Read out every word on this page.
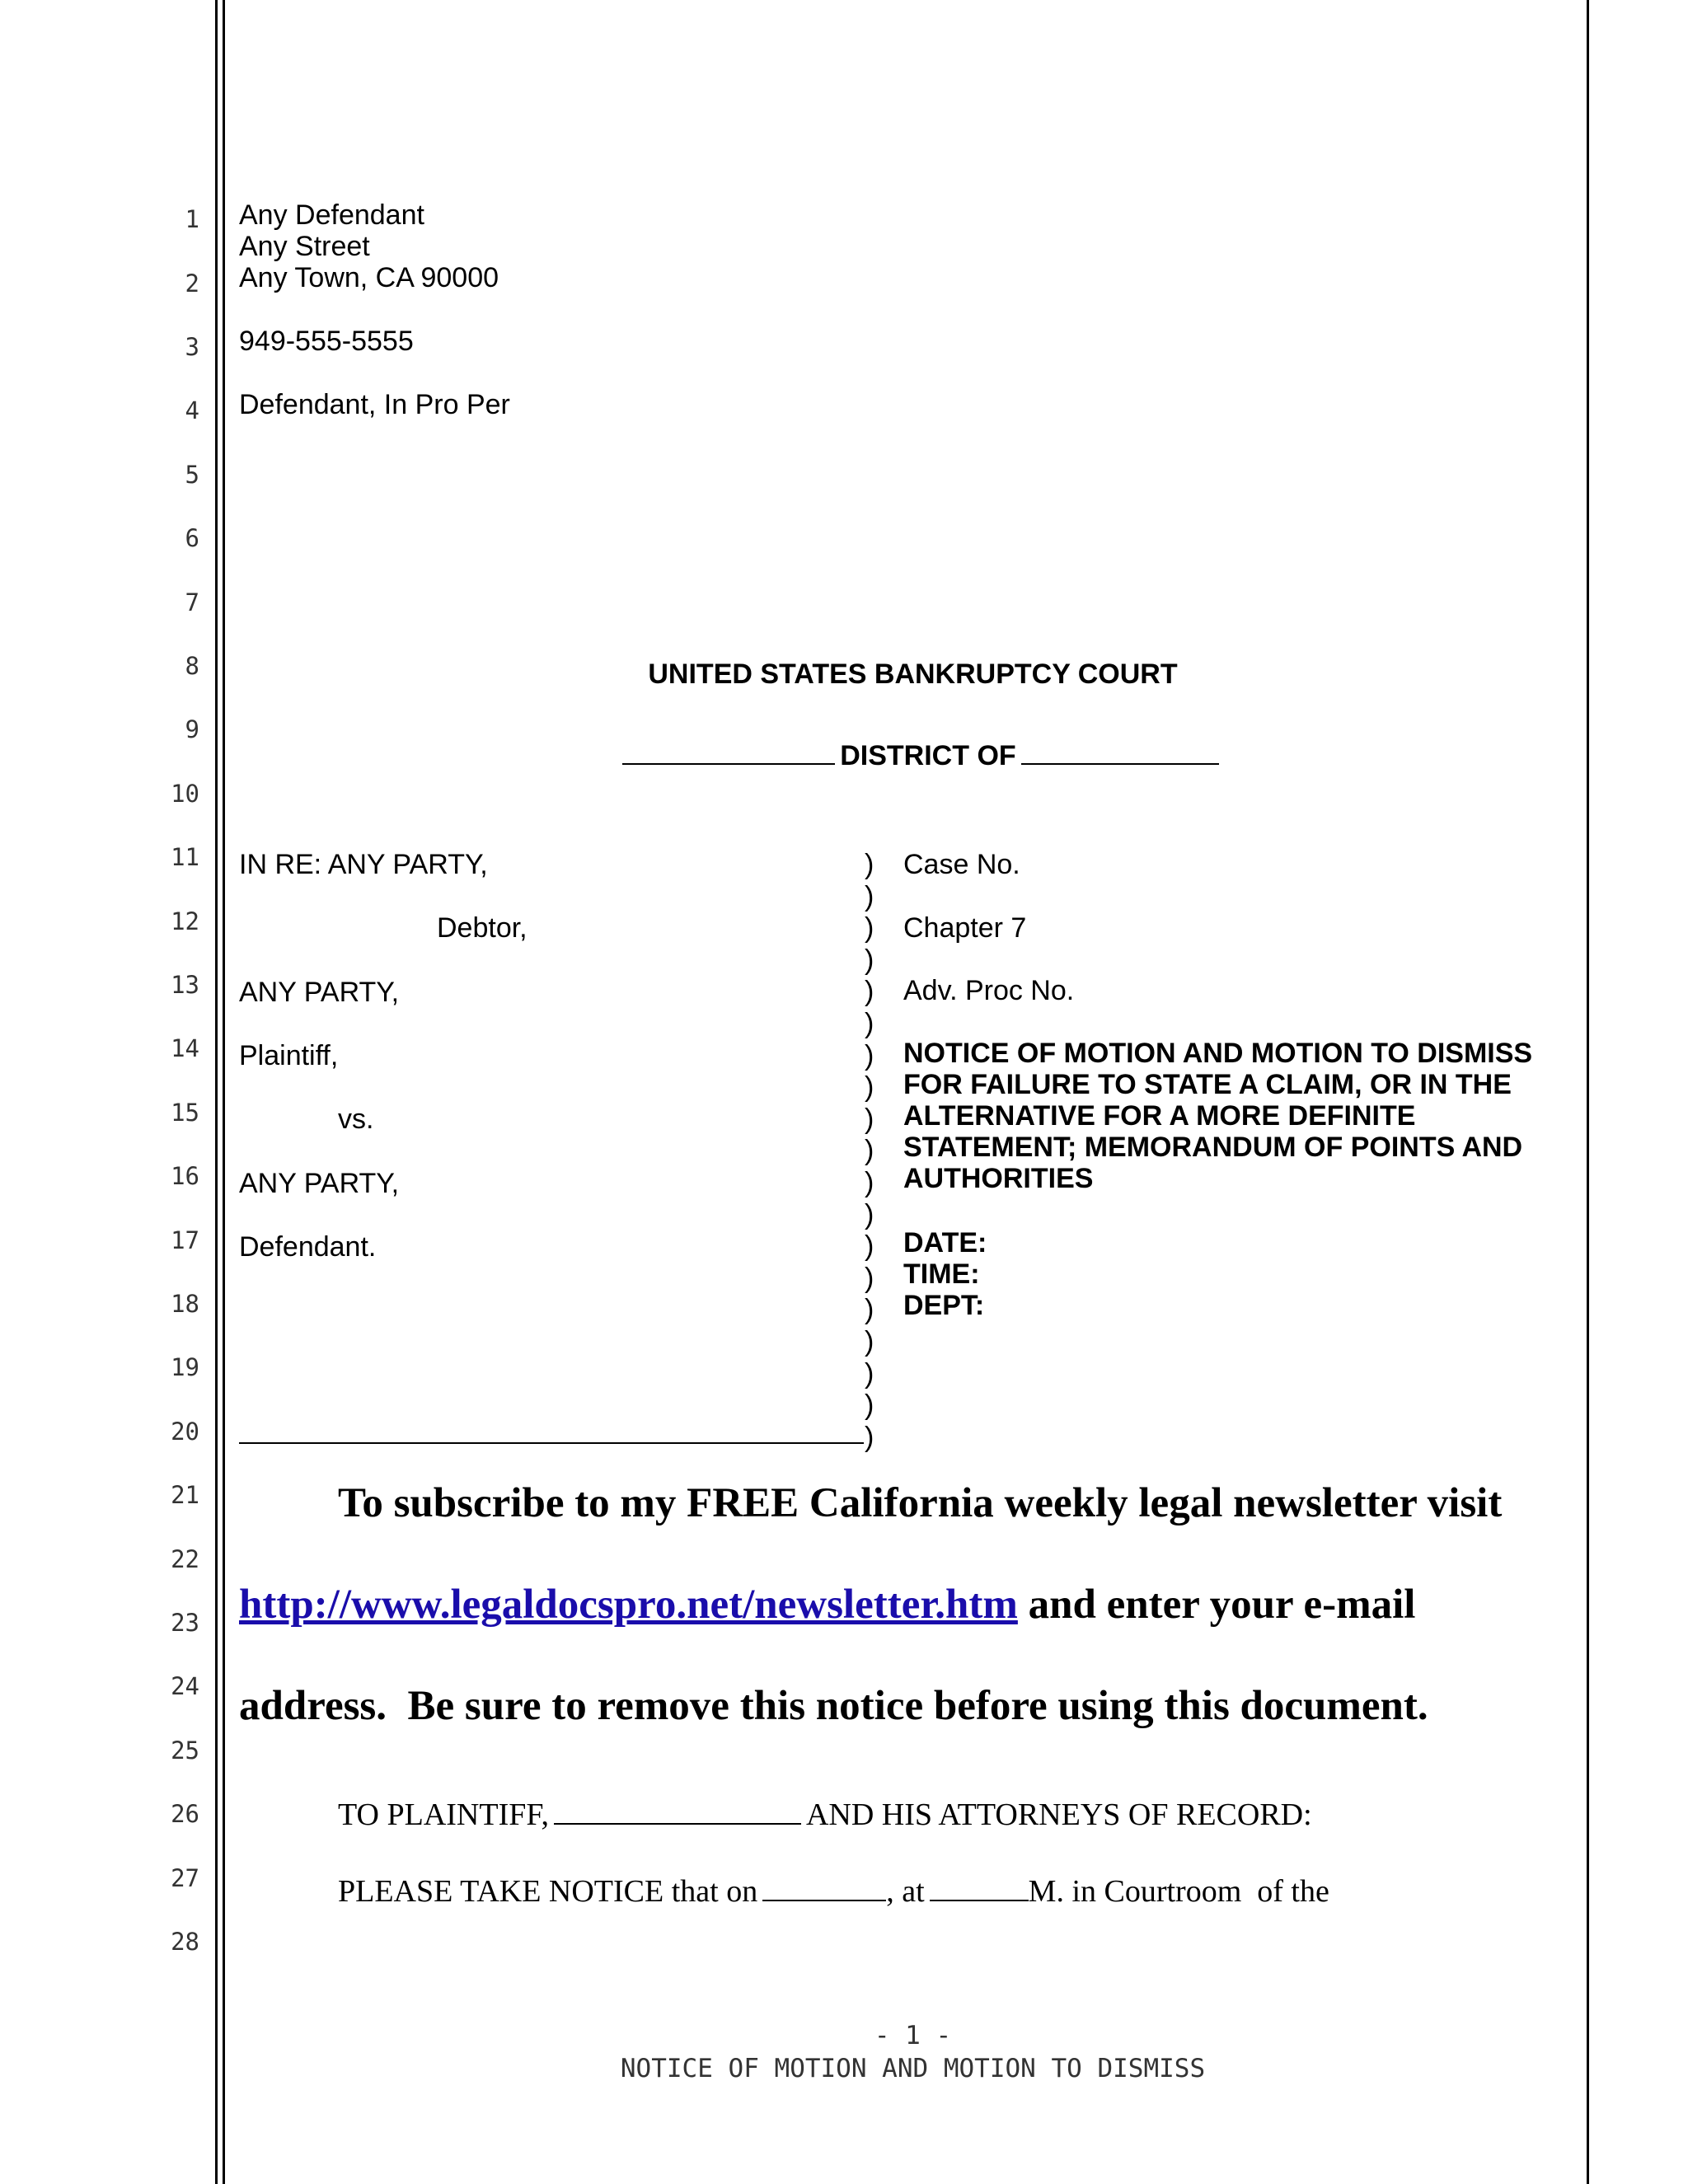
1
2
3
4
5
6
7
8
9
10
11
12
13
14
15
16
17
18
19
20
21
22
23
24
25
26
27
28
Any Defendant
Any Street
Any Town, CA 90000
949-555-5555
Defendant, In Pro Per
UNITED STATES BANKRUPTCY COURT

DISTRICT OF

IN RE: ANY PARTY,
Debtor,
ANY PARTY,
Plaintiff,
vs.
ANY PARTY,
Defendant.
)
)
)
)
)
)
)
)
)
)
)
)
)
)
)
)
)
)
)
Case No.
Chapter 7
Adv. Proc No.
NOTICE OF MOTION AND MOTION TO DISMISS
FOR FAILURE TO STATE A CLAIM, OR IN THE
ALTERNATIVE FOR A MORE DEFINITE
STATEMENT; MEMORANDUM OF POINTS AND
AUTHORITIES
DATE:
TIME:
DEPT:
To subscribe to my FREE California weekly legal newsletter visit
http://www.legaldocspro.net/newsletter.htm and enter your e-mail
address.  Be sure to remove this notice before using this document.
TO PLAINTIFF,	AND HIS ATTORNEYS OF RECORD:
PLEASE TAKE NOTICE that on	, at	M. in Courtroom  of the
- 1 -
NOTICE OF MOTION AND MOTION TO DISMISS
